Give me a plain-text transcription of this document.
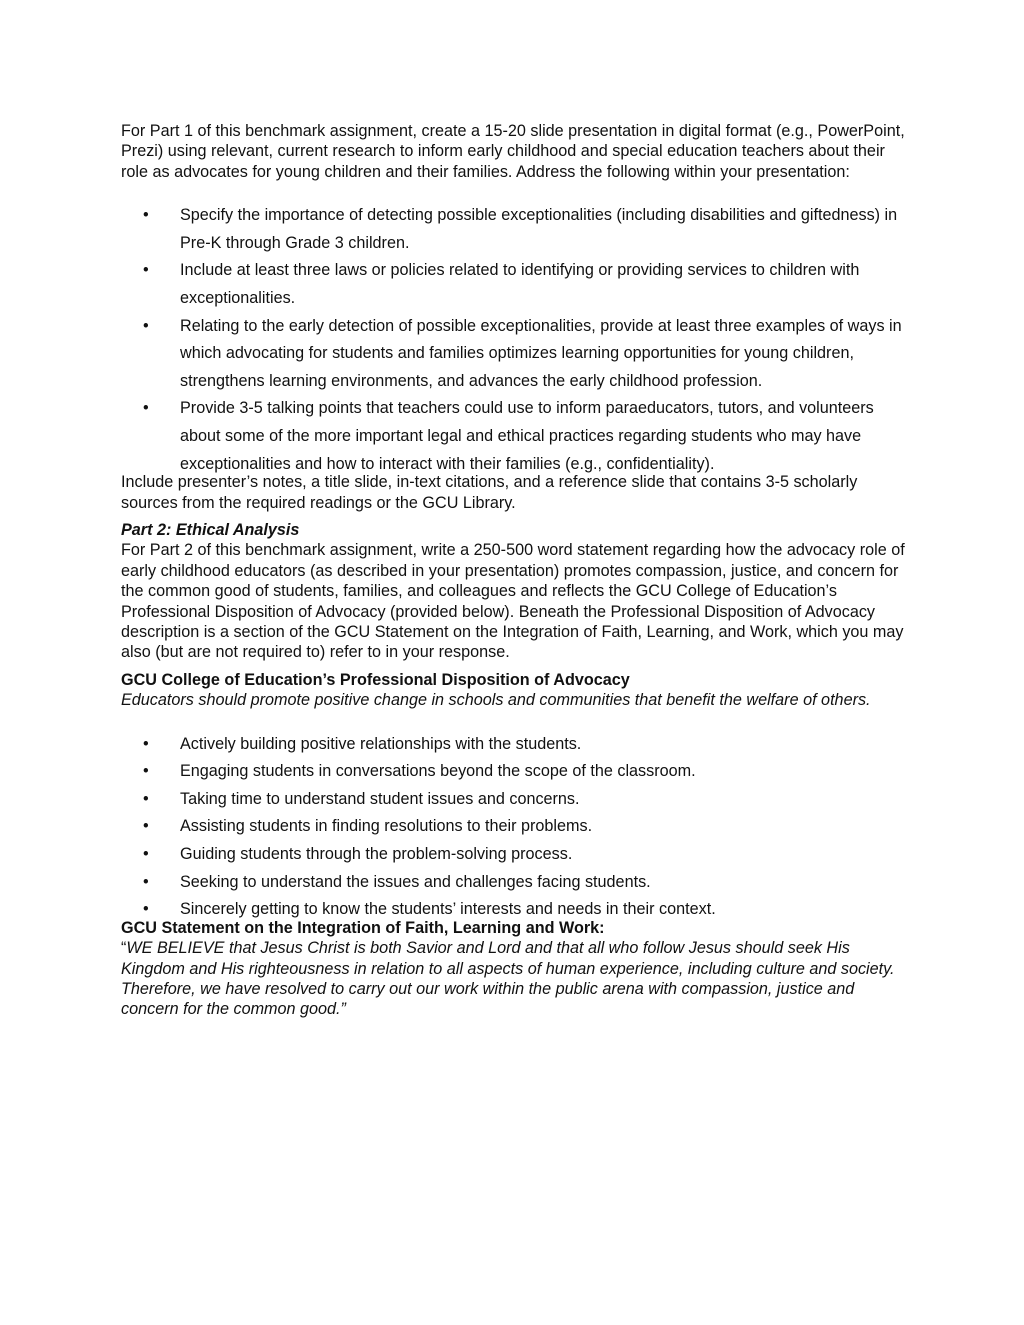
For Part 1 of this benchmark assignment, create a 15-20 slide presentation in digital format (e.g., PowerPoint, Prezi) using relevant, current research to inform early childhood and special education teachers about their role as advocates for young children and their families. Address the following within your presentation:

• Specify the importance of detecting possible exceptionalities (including disabilities and giftedness) in Pre-K through Grade 3 children.
• Include at least three laws or policies related to identifying or providing services to children with exceptionalities.
• Relating to the early detection of possible exceptionalities, provide at least three examples of ways in which advocating for students and families optimizes learning opportunities for young children, strengthens learning environments, and advances the early childhood profession.
• Provide 3-5 talking points that teachers could use to inform paraeducators, tutors, and volunteers about some of the more important legal and ethical practices regarding students who may have exceptionalities and how to interact with their families (e.g., confidentiality).

Include presenter’s notes, a title slide, in-text citations, and a reference slide that contains 3-5 scholarly sources from the required readings or the GCU Library.

Part 2: Ethical Analysis

For Part 2 of this benchmark assignment, write a 250-500 word statement regarding how the advocacy role of early childhood educators (as described in your presentation) promotes compassion, justice, and concern for the common good of students, families, and colleagues and reflects the GCU College of Education’s Professional Disposition of Advocacy (provided below). Beneath the Professional Disposition of Advocacy description is a section of the GCU Statement on the Integration of Faith, Learning, and Work, which you may also (but are not required to) refer to in your response.

GCU College of Education’s Professional Disposition of Advocacy

Educators should promote positive change in schools and communities that benefit the welfare of others.

• Actively building positive relationships with the students.
• Engaging students in conversations beyond the scope of the classroom.
• Taking time to understand student issues and concerns.
• Assisting students in finding resolutions to their problems.
• Guiding students through the problem-solving process.
• Seeking to understand the issues and challenges facing students.
• Sincerely getting to know the students’ interests and needs in their context.

GCU Statement on the Integration of Faith, Learning and Work:

“WE BELIEVE that Jesus Christ is both Savior and Lord and that all who follow Jesus should seek His Kingdom and His righteousness in relation to all aspects of human experience, including culture and society. Therefore, we have resolved to carry out our work within the public arena with compassion, justice and concern for the common good.”
